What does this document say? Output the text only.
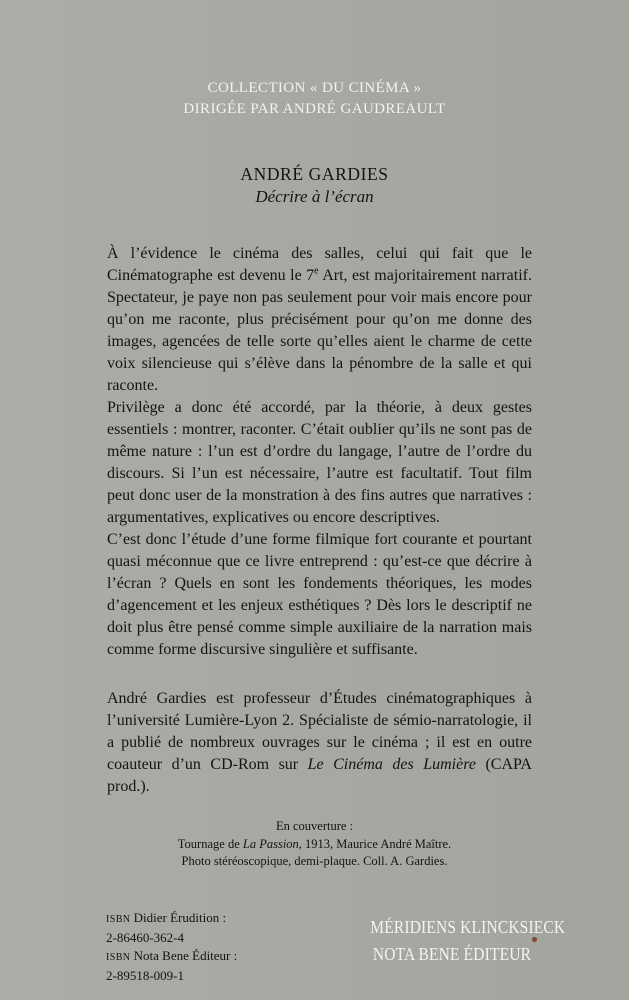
COLLECTION « DU CINÉMA »
DIRIGÉE PAR ANDRÉ GAUDREAULT
ANDRÉ GARDIES
Décrire à l’écran

À l’évidence le cinéma des salles, celui qui fait que le Cinématographe est devenu le 7e Art, est majoritairement narratif. Spectateur, je paye non pas seulement pour voir mais encore pour qu’on me raconte, plus précisément pour qu’on me donne des images, agencées de telle sorte qu’elles aient le charme de cette voix silencieuse qui s’élève dans la pénombre de la salle et qui raconte.

Privilège a donc été accordé, par la théorie, à deux gestes essentiels : montrer, raconter. C’était oublier qu’ils ne sont pas de même nature : l’un est d’ordre du langage, l’autre de l’ordre du discours. Si l’un est nécessaire, l’autre est facultatif. Tout film peut donc user de la monstration à des fins autres que narratives : argumentatives, explicatives ou encore descriptives.

C’est donc l’étude d’une forme filmique fort courante et pourtant quasi méconnue que ce livre entreprend : qu’est-ce que décrire à l’écran ? Quels en sont les fondements théoriques, les modes d’agencement et les enjeux esthétiques ? Dès lors le descriptif ne doit plus être pensé comme simple auxiliaire de la narration mais comme forme discursive singulière et suffisante.

André Gardies est professeur d’Études cinématographiques à l’université Lumière-Lyon 2. Spécialiste de sémio-narratologie, il a publié de nombreux ouvrages sur le cinéma ; il est en outre coauteur d’un CD-Rom sur Le Cinéma des Lumière (CAPA prod.).

En couverture :
Tournage de La Passion, 1913, Maurice André Maître.
Photo stéréoscopique, demi-plaque. Coll. A. Gardies.
ISBN Didier Érudition :
2-86460-362-4
ISBN Nota Bene Éditeur :
2-89518-009-1
MÉRIDIENS KLINCKSIECK
NOTA BENE ÉDITEUR
